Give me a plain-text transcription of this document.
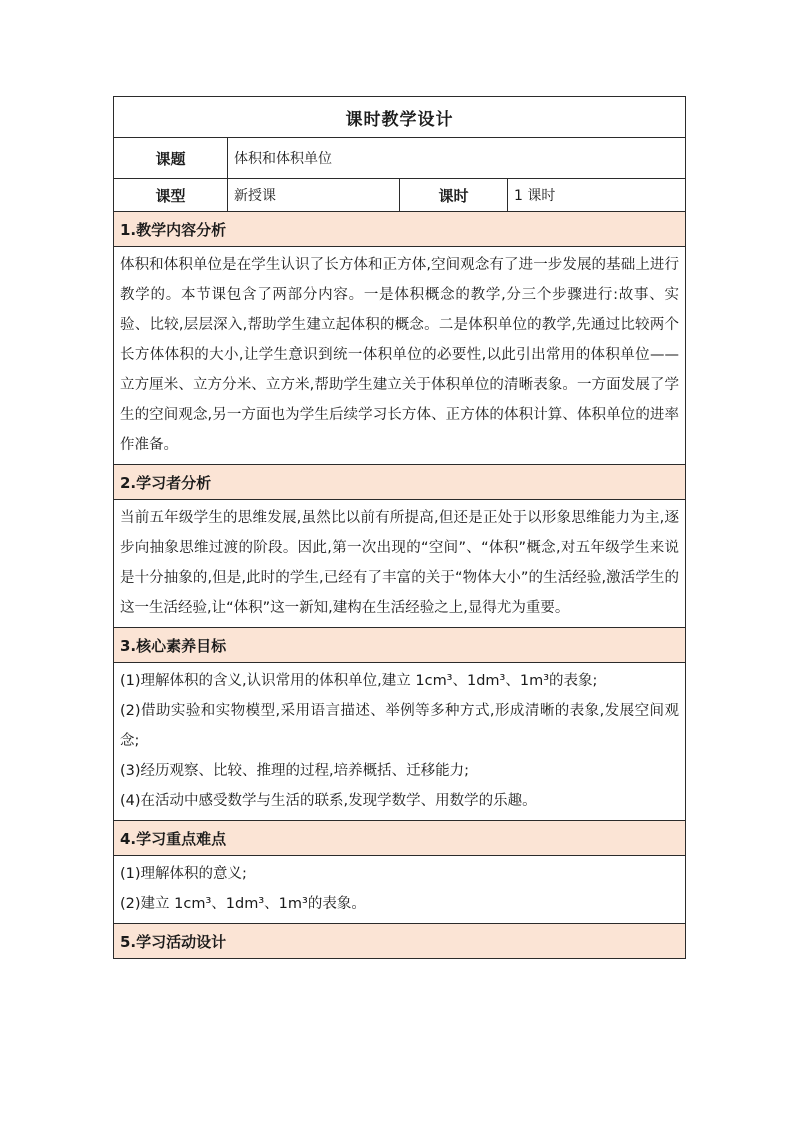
课时教学设计			
课题	体积和体积单位		
课型	新授课	课时	1 课时
1.教学内容分析			

体积和体积单位是在学生认识了长方体和正方体,空间观念有了进一步发展的基础上进行教学的。本节课包含了两部分内容。一是体积概念的教学,分三个步骤进行:故事、实验、比较,层层深入,帮助学生建立起体积的概念。二是体积单位的教学,先通过比较两个长方体体积的大小,让学生意识到统一体积单位的必要性,以此引出常用的体积单位——立方厘米、立方分米、立方米,帮助学生建立关于体积单位的清晰表象。一方面发展了学生的空间观念,另一方面也为学生后续学习长方体、正方体的体积计算、体积单位的进率作准备。			

2.学习者分析			

当前五年级学生的思维发展,虽然比以前有所提高,但还是正处于以形象思维能力为主,逐步向抽象思维过渡的阶段。因此,第一次出现的“空间”、“体积”概念,对五年级学生来说是十分抽象的,但是,此时的学生,已经有了丰富的关于“物体大小”的生活经验,激活学生的这一生活经验,让“体积”这一新知,建构在生活经验之上,显得尤为重要。			

3.核心素养目标			

(1)理解体积的含义,认识常用的体积单位,建立 1cm³、1dm³、1m³的表象;
(2)借助实验和实物模型,采用语言描述、举例等多种方式,形成清晰的表象,发展空间观念;
(3)经历观察、比较、推理的过程,培养概括、迁移能力;
(4)在活动中感受数学与生活的联系,发现学数学、用数学的乐趣。			

4.学习重点难点			

(1)理解体积的意义;
(2)建立 1cm³、1dm³、1m³的表象。			

5.学习活动设计			
